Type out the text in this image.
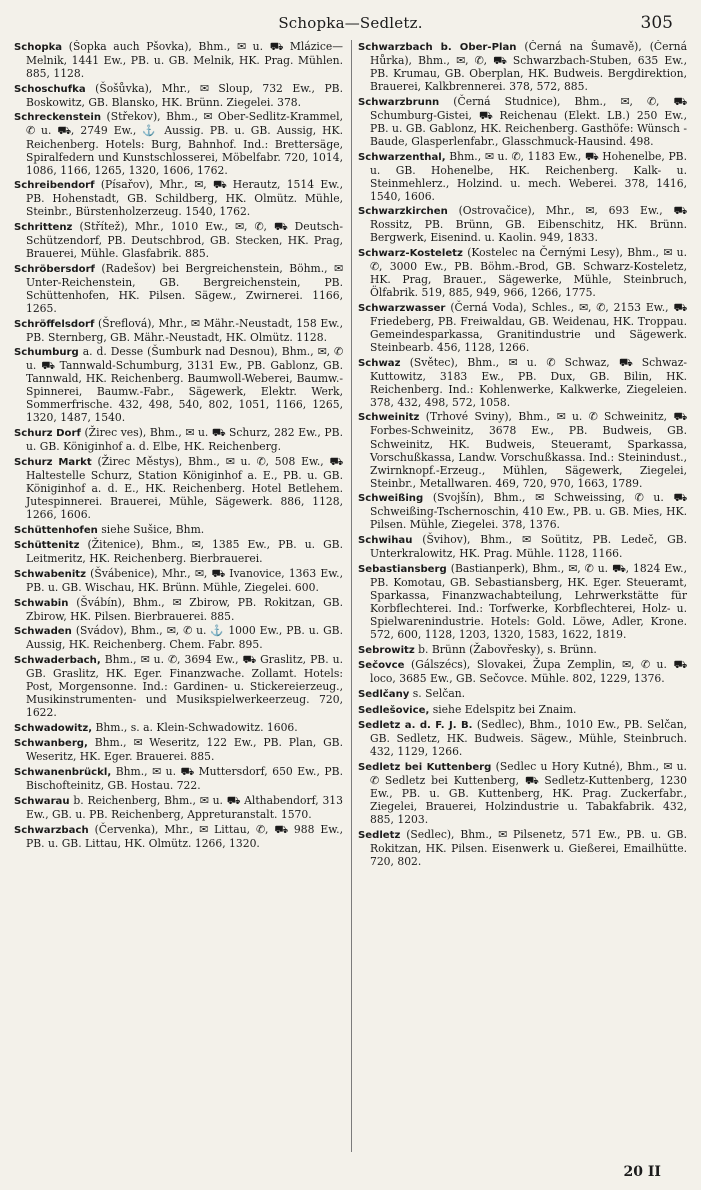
Schopka—Sedletz.	305

Schopka (Šopka auch Pšovka), Bhm., ✉ u. ⛟ Mlázice—Melnik, 1441 Ew., PB. u. GB. Melnik, HK. Prag. Mühlen. 885, 1128.

Schoschufka (Šošůvka), Mhr., ✉ Sloup, 732 Ew., PB. Boskowitz, GB. Blansko, HK. Brünn. Ziegelei. 378.

Schreckenstein (Střekov), Bhm., ✉ Ober-Sedlitz-Krammel, ✆ u. ⛟, 2749 Ew., ⚓ Aussig. PB. u. GB. Aussig, HK. Reichenberg. Hotels: Burg, Bahnhof. Ind.: Brettersäge, Spiralfedern und Kunstschlosserei, Möbelfabr. 720, 1014, 1086, 1166, 1265, 1320, 1606, 1762.

Schreibendorf (Písařov), Mhr., ✉, ⛟ Herautz, 1514 Ew., PB. Hohenstadt, GB. Schildberg, HK. Olmütz. Mühle, Steinbr., Bürstenholzerzeug. 1540, 1762.

Schrittenz (Střítež), Mhr., 1010 Ew., ✉, ✆, ⛟ Deutsch-Schützendorf, PB. Deutschbrod, GB. Stecken, HK. Prag, Brauerei, Mühle. Glasfabrik. 885.

Schröbersdorf (Radešov) bei Bergreichenstein, Böhm., ✉ Unter-Reichenstein, GB. Bergreichenstein, PB. Schüttenhofen, HK. Pilsen. Sägew., Zwirnerei. 1166, 1265.

Schröffelsdorf (Šreflová), Mhr., ✉ Mähr.-Neustadt, 158 Ew., PB. Sternberg, GB. Mähr.-Neustadt, HK. Olmütz. 1128.

Schumburg a. d. Desse (Šumburk nad Desnou), Bhm., ✉, ✆ u. ⛟ Tannwald-Schumburg, 3131 Ew., PB. Gablonz, GB. Tannwald, HK. Reichenberg. Baumwoll-Weberei, Baumw.-Spinnerei, Baumw.-Fabr., Sägewerk, Elektr. Werk, Sommerfrische. 432, 498, 540, 802, 1051, 1166, 1265, 1320, 1487, 1540.

Schurz Dorf (Žirec ves), Bhm., ✉ u. ⛟ Schurz, 282 Ew., PB. u. GB. Königinhof a. d. Elbe, HK. Reichenberg.

Schurz Markt (Žirec Městys), Bhm., ✉ u. ✆, 508 Ew., ⛟ Haltestelle Schurz, Station Königinhof a. E., PB. u. GB. Königinhof a. d. E., HK. Reichenberg. Hotel Betlehem. Jutespinnerei. Brauerei, Mühle, Sägewerk. 886, 1128, 1266, 1606.

Schüttenhofen siehe Sušice, Bhm.

Schüttenitz (Žitenice), Bhm., ✉, 1385 Ew., PB. u. GB. Leitmeritz, HK. Reichenberg. Bierbrauerei.

Schwabenitz (Švábenice), Mhr., ✉, ⛟ Ivanovice, 1363 Ew., PB. u. GB. Wischau, HK. Brünn. Mühle, Ziegelei. 600.

Schwabin (Švábín), Bhm., ✉ Zbirow, PB. Rokitzan, GB. Zbirow, HK. Pilsen. Bierbrauerei. 885.

Schwaden (Svádov), Bhm., ✉, ✆ u. ⚓ 1000 Ew., PB. u. GB. Aussig, HK. Reichenberg. Chem. Fabr. 895.

Schwaderbach, Bhm., ✉ u. ✆, 3694 Ew., ⛟ Graslitz, PB. u. GB. Graslitz, HK. Eger. Finanzwache. Zollamt. Hotels: Post, Morgensonne. Ind.: Gardinen- u. Stickereierzeug., Musikinstrumenten- und Musikspielwerkeerzeug. 720, 1622.

Schwadowitz, Bhm., s. a. Klein-Schwadowitz. 1606.

Schwanberg, Bhm., ✉ Weseritz, 122 Ew., PB. Plan, GB. Weseritz, HK. Eger. Brauerei. 885.

Schwanenbrückl, Bhm., ✉ u. ⛟ Muttersdorf, 650 Ew., PB. Bischofteinitz, GB. Hostau. 722.

Schwarau b. Reichenberg, Bhm., ✉ u. ⛟ Althabendorf, 313 Ew., GB. u. PB. Reichenberg, Appreturanstalt. 1570.

Schwarzbach (Červenka), Mhr., ✉ Littau, ✆, ⛟ 988 Ew., PB. u. GB. Littau, HK. Olmütz. 1266, 1320.

Schwarzbach b. Ober-Plan (Černá na Šumavě), (Černá Hůrka), Bhm., ✉, ✆, ⛟ Schwarzbach-Stuben, 635 Ew., PB. Krumau, GB. Oberplan, HK. Budweis. Bergdirektion, Brauerei, Kalkbrennerei. 378, 572, 885.

Schwarzbrunn (Černá Studnice), Bhm., ✉, ✆, ⛟ Schumburg-Gistei, ⛟ Reichenau (Elekt. LB.) 250 Ew., PB. u. GB. Gablonz, HK. Reichenberg. Gasthöfe: Wünsch - Baude, Glasperlenfabr., Glasschmuck-Hausind. 498.

Schwarzenthal, Bhm., ✉ u. ✆, 1183 Ew., ⛟ Hohenelbe, PB. u. GB. Hohenelbe, HK. Reichenberg. Kalk- u. Steinmehlerz., Holzind. u. mech. Weberei. 378, 1416, 1540, 1606.

Schwarzkirchen (Ostrovačice), Mhr., ✉, 693 Ew., ⛟ Rossitz, PB. Brünn, GB. Eibenschitz, HK. Brünn. Bergwerk, Eisenind. u. Kaolin. 949, 1833.

Schwarz-Kosteletz (Kostelec na Černými Lesy), Bhm., ✉ u. ✆, 3000 Ew., PB. Böhm.-Brod, GB. Schwarz-Kosteletz, HK. Prag, Brauer., Sägewerke, Mühle, Steinbruch, Ölfabrik. 519, 885, 949, 966, 1266, 1775.

Schwarzwasser (Černá Voda), Schles., ✉, ✆, 2153 Ew., ⛟ Friedeberg, PB. Freiwaldau, GB. Weidenau, HK. Troppau. Gemeindesparkassa, Granitindustrie und Sägewerk. Steinbearb. 456, 1128, 1266.

Schwaz (Světec), Bhm., ✉ u. ✆ Schwaz, ⛟ Schwaz-Kuttowitz, 3183 Ew., PB. Dux, GB. Bilin, HK. Reichenberg. Ind.: Kohlenwerke, Kalkwerke, Ziegeleien. 378, 432, 498, 572, 1058.

Schweinitz (Trhové Sviny), Bhm., ✉ u. ✆ Schweinitz, ⛟ Forbes-Schweinitz, 3678 Ew., PB. Budweis, GB. Schweinitz, HK. Budweis, Steueramt, Sparkassa, Vorschußkassa, Landw. Vorschußkassa. Ind.: Steinindust., Zwirnknopf.-Erzeug., Mühlen, Sägewerk, Ziegelei, Steinbr., Metallwaren. 469, 720, 970, 1663, 1789.

Schweißing (Svojšín), Bhm., ✉ Schweissing, ✆ u. ⛟ Schweißing-Tschernoschin, 410 Ew., PB. u. GB. Mies, HK. Pilsen. Mühle, Ziegelei. 378, 1376.

Schwihau (Švihov), Bhm., ✉ Soütitz, PB. Ledeč, GB. Unterkralowitz, HK. Prag. Mühle. 1128, 1166.

Sebastiansberg (Bastianperk), Bhm., ✉, ✆ u. ⛟, 1824 Ew., PB. Komotau, GB. Sebastiansberg, HK. Eger. Steueramt, Sparkassa, Finanzwachabteilung, Lehrwerkstätte für Korbflechterei. Ind.: Torfwerke, Korbflechterei, Holz- u. Spielwarenindustrie. Hotels: Gold. Löwe, Adler, Krone. 572, 600, 1128, 1203, 1320, 1583, 1622, 1819.

Sebrowitz b. Brünn (Žabovřesky), s. Brünn.

Sečovce (Gálszécs), Slovakei, Župa Zemplin, ✉, ✆ u. ⛟ loco, 3685 Ew., GB. Sečovce. Mühle. 802, 1229, 1376.

Sedlčany s. Selčan.

Sedlešovice, siehe Edelspitz bei Znaim.

Sedletz a. d. F. J. B. (Sedlec), Bhm., 1010 Ew., PB. Selčan, GB. Sedletz, HK. Budweis. Sägew., Mühle, Steinbruch. 432, 1129, 1266.

Sedletz bei Kuttenberg (Sedlec u Hory Kutné), Bhm., ✉ u. ✆ Sedletz bei Kuttenberg, ⛟ Sedletz-Kuttenberg, 1230 Ew., PB. u. GB. Kuttenberg, HK. Prag. Zuckerfabr., Ziegelei, Brauerei, Holzindustrie u. Tabakfabrik. 432, 885, 1203.

Sedletz (Sedlec), Bhm., ✉ Pilsenetz, 571 Ew., PB. u. GB. Rokitzan, HK. Pilsen. Eisenwerk u. Gießerei, Emailhütte. 720, 802.

20 II
